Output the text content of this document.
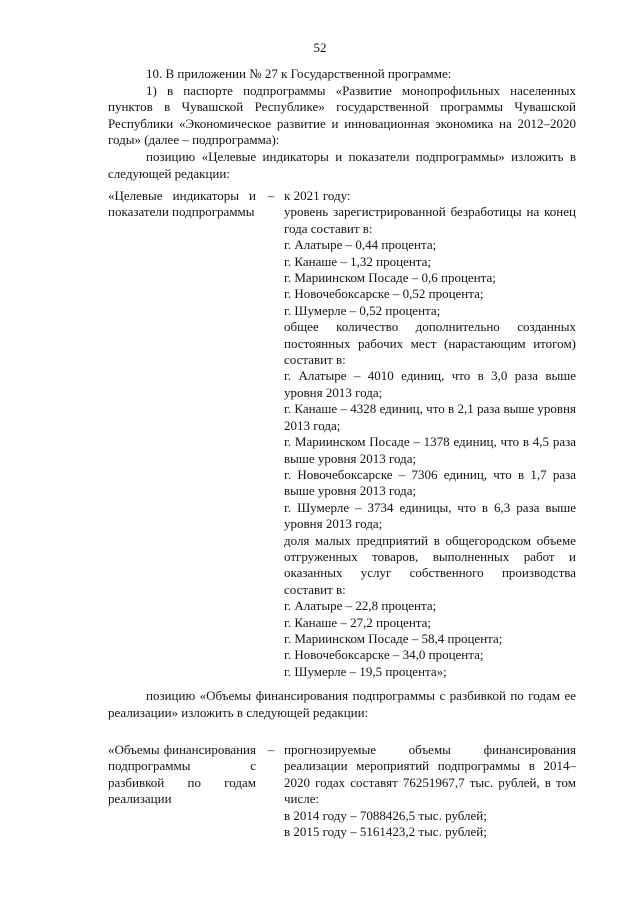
52

10. В приложении № 27 к Государственной программе:

1) в паспорте подпрограммы «Развитие монопрофильных населенных пунктов в Чувашской Республике» государственной программы Чувашской Республики «Экономическое развитие и инновационная экономика на 2012–2020 годы» (далее – подпрограмма):

позицию «Целевые индикаторы и показатели подпрограммы» изложить в следующей редакции:

«Целевые индикаторы и показатели подпрограммы
– к 2021 году:
уровень зарегистрированной безработицы на конец года составит в:
г. Алатыре – 0,44 процента;
г. Канаше – 1,32 процента;
г. Мариинском Посаде – 0,6 процента;
г. Новочебоксарске – 0,52 процента;
г. Шумерле – 0,52 процента;
общее количество дополнительно созданных постоянных рабочих мест (нарастающим итогом) составит в:
г. Алатыре – 4010 единиц, что в 3,0 раза выше уровня 2013 года;
г. Канаше – 4328 единиц, что в 2,1 раза выше уровня 2013 года;
г. Мариинском Посаде – 1378 единиц, что в 4,5 раза выше уровня 2013 года;
г. Новочебоксарске – 7306 единиц, что в 1,7 раза выше уровня 2013 года;
г. Шумерле – 3734 единицы, что в 6,3 раза выше уровня 2013 года;
доля малых предприятий в общегородском объеме отгруженных товаров, выполненных работ и оказанных услуг собственного производства составит в:
г. Алатыре – 22,8 процента;
г. Канаше – 27,2 процента;
г. Мариинском Посаде – 58,4 процента;
г. Новочебоксарске – 34,0 процента;
г. Шумерле – 19,5 процента»;

позицию «Объемы финансирования подпрограммы с разбивкой по годам ее реализации» изложить в следующей редакции:

«Объемы финансирования подпрограммы с разбивкой по годам реализации
– прогнозируемые объемы финансирования реализации мероприятий подпрограммы в 2014–2020 годах составят 76251967,7 тыс. рублей, в том числе:
в 2014 году – 7088426,5 тыс. рублей;
в 2015 году – 5161423,2 тыс. рублей;
